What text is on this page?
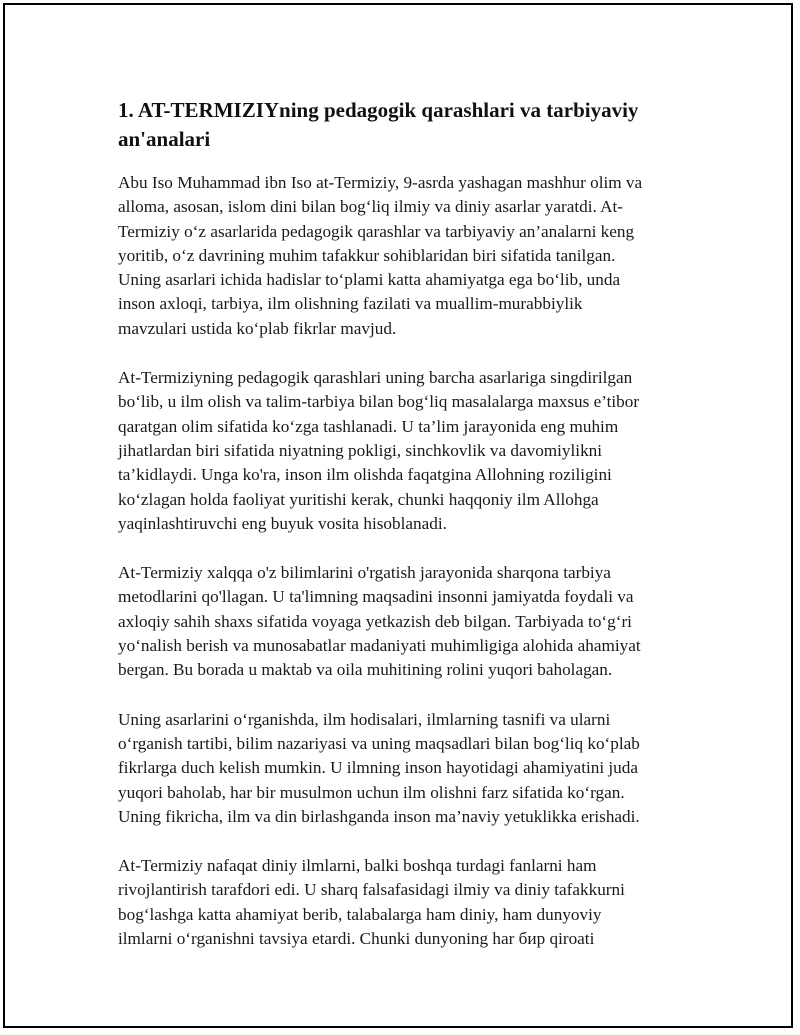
1. AT-TERMIZIYning pedagogik qarashlari va tarbiyaviy an'analari

Abu Iso Muhammad ibn Iso at-Termiziy, 9-asrda yashagan mashhur olim va
alloma, asosan, islom dini bilan bog‘liq ilmiy va diniy asarlar yaratdi. At-
Termiziy o‘z asarlarida pedagogik qarashlar va tarbiyaviy an’analarni keng
yoritib, o‘z davrining muhim tafakkur sohiblaridan biri sifatida tanilgan.
Uning asarlari ichida hadislar to‘plami katta ahamiyatga ega bo‘lib, unda
inson axloqi, tarbiya, ilm olishning fazilati va muallim-murabbiylik
mavzulari ustida ko‘plab fikrlar mavjud.

At-Termiziyning pedagogik qarashlari uning barcha asarlariga singdirilgan
bo‘lib, u ilm olish va talim-tarbiya bilan bog‘liq masalalarga maxsus e’tibor
qaratgan olim sifatida ko‘zga tashlanadi. U ta’lim jarayonida eng muhim
jihatlardan biri sifatida niyatning pokligi, sinchkovlik va davomiylikni
ta’kidlaydi. Unga ko'ra, inson ilm olishda faqatgina Allohning roziligini
ko‘zlagan holda faoliyat yuritishi kerak, chunki haqqoniy ilm Allohga
yaqinlashtiruvchi eng buyuk vosita hisoblanadi.

At-Termiziy xalqqa o'z bilimlarini o'rgatish jarayonida sharqona tarbiya
metodlarini qo'llagan. U ta'limning maqsadini insonni jamiyatda foydali va
axloqiy sahih shaxs sifatida voyaga yetkazish deb bilgan. Tarbiyada to‘g‘ri
yo‘nalish berish va munosabatlar madaniyati muhimligiga alohida ahamiyat
bergan. Bu borada u maktab va oila muhitining rolini yuqori baholagan.

Uning asarlarini o‘rganishda, ilm hodisalari, ilmlarning tasnifi va ularni
o‘rganish tartibi, bilim nazariyasi va uning maqsadlari bilan bog‘liq ko‘plab
fikrlarga duch kelish mumkin. U ilmning inson hayotidagi ahamiyatini juda
yuqori baholab, har bir musulmon uchun ilm olishni farz sifatida ko‘rgan.
Uning fikricha, ilm va din birlashganda inson ma’naviy yetuklikka erishadi.

At-Termiziy nafaqat diniy ilmlarni, balki boshqa turdagi fanlarni ham
rivojlantirish tarafdori edi. U sharq falsafasidagi ilmiy va diniy tafakkurni
bog‘lashga katta ahamiyat berib, talabalarga ham diniy, ham dunyoviy
ilmlarni o‘rganishni tavsiya etardi. Chunki dunyoning har бир qiroati
